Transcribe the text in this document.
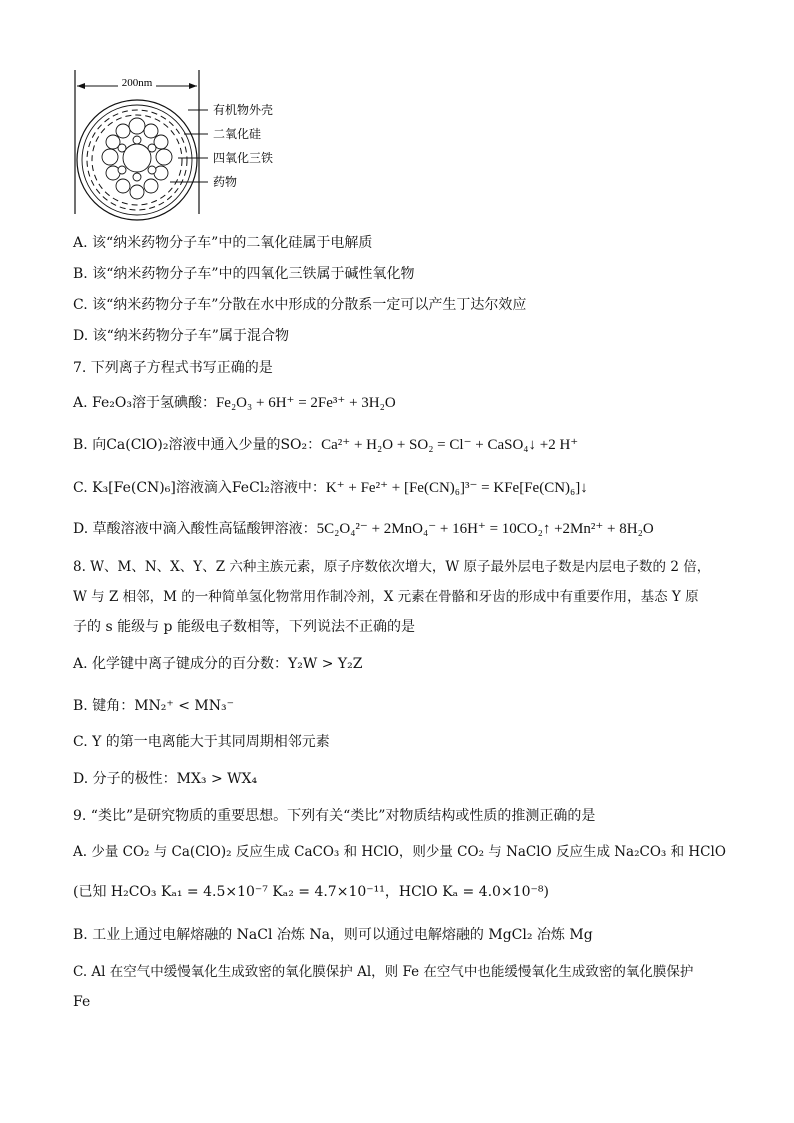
200nm
有机物外壳
二氧化硅
四氧化三铁
药物
A. 该“纳米药物分子车”中的二氧化硅属于电解质
B. 该“纳米药物分子车”中的四氧化三铁属于碱性氧化物
C. 该“纳米药物分子车”分散在水中形成的分散系一定可以产生丁达尔效应
D. 该“纳米药物分子车”属于混合物
7. 下列离子方程式书写正确的是
A. Fe₂O₃溶于氢碘酸：Fe₂O₃ + 6H⁺ = 2Fe³⁺ + 3H₂O
B. 向Ca(ClO)₂溶液中通入少量的SO₂：Ca²⁺ + H₂O + SO₂ = Cl⁻ + CaSO₄↓ +2 H⁺
C. K₃[Fe(CN)₆]溶液滴入FeCl₂溶液中：K⁺ + Fe²⁺ + [Fe(CN)₆]³⁻ = KFe[Fe(CN)₆]↓
D. 草酸溶液中滴入酸性高锰酸钾溶液：5C₂O₄²⁻ + 2MnO₄⁻ + 16H⁺ = 10CO₂↑ +2Mn²⁺ + 8H₂O
8. W、M、N、X、Y、Z 六种主族元素，原子序数依次增大，W 原子最外层电子数是内层电子数的 2 倍，
W 与 Z 相邻，M 的一种简单氢化物常用作制冷剂，X 元素在骨骼和牙齿的形成中有重要作用，基态 Y 原
子的 s 能级与 p 能级电子数相等，下列说法不正确的是
A. 化学键中离子键成分的百分数：Y₂W > Y₂Z
B. 键角：MN₂⁺ < MN₃⁻
C. Y 的第一电离能大于其同周期相邻元素
D. 分子的极性：MX₃ > WX₄
9. “类比”是研究物质的重要思想。下列有关“类比”对物质结构或性质的推测正确的是
A. 少量 CO₂ 与 Ca(ClO)₂ 反应生成 CaCO₃ 和 HClO，则少量 CO₂ 与 NaClO 反应生成 Na₂CO₃ 和 HClO
(已知 H₂CO₃ Kₐ₁ = 4.5×10⁻⁷ Kₐ₂ = 4.7×10⁻¹¹，HClO Kₐ = 4.0×10⁻⁸)
B. 工业上通过电解熔融的 NaCl 冶炼 Na，则可以通过电解熔融的 MgCl₂ 冶炼 Mg
C. Al 在空气中缓慢氧化生成致密的氧化膜保护 Al，则 Fe 在空气中也能缓慢氧化生成致密的氧化膜保护
Fe
